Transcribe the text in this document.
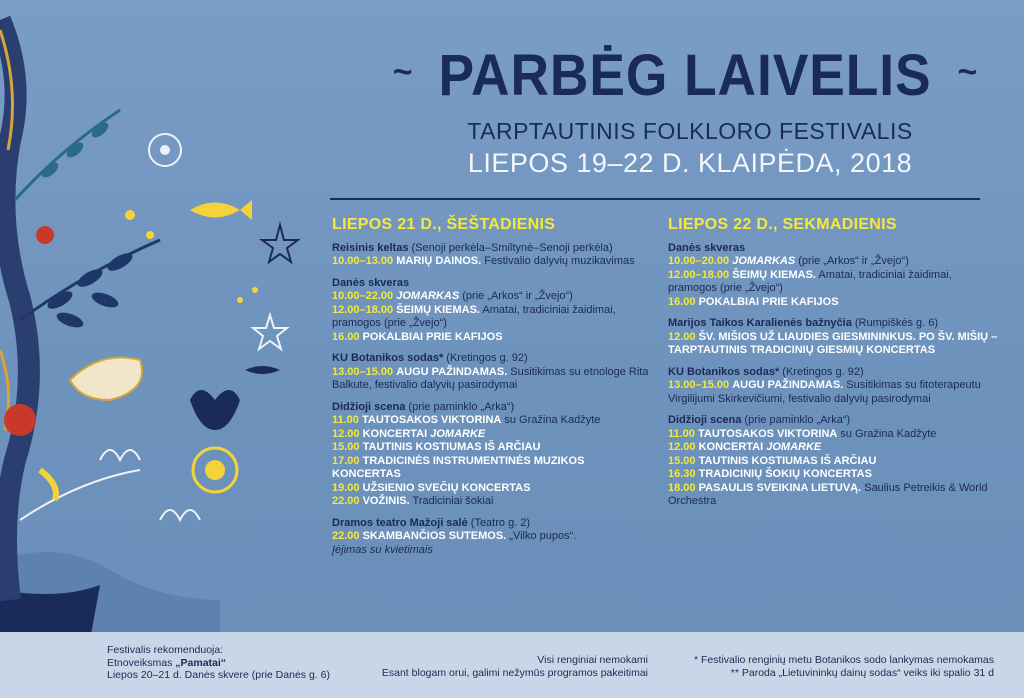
~ PARBĖG LAIVELIS ~
TARPTAUTINIS FOLKLORO FESTIVALIS
LIEPOS 19–22 D. KLAIPĖDA, 2018
LIEPOS 21 D., ŠEŠTADIENIS
Reisinis keltas (Senoji perkėla–Smiltynė–Senoji perkėla)
10.00–13.00 MARIŲ DAINOS. Festivalio dalyvių muzikavimas
Danės skveras
10.00–22.00 JOMARKAS (prie „Arkos“ ir „Žvejo“)
12.00–18.00 ŠEIMŲ KIEMAS. Amatai, tradiciniai žaidimai, pramogos (prie „Žvejo“)
16.00 POKALBIAI PRIE KAFIJOS
KU Botanikos sodas* (Kretingos g. 92)
13.00–15.00 AUGU PAŽINDAMAS. Susitikimas su etnologe Rita Balkute, festivalio dalyvių pasirodymai
Didžioji scena (prie paminklo „Arka“)
11.00 TAUTOSAKOS VIKTORINA su Gražina Kadžyte
12.00 KONCERTAI JOMARKE
15.00 TAUTINIS KOSTIUMAS IŠ ARČIAU
17.00 TRADICINĖS INSTRUMENTINĖS MUZIKOS KONCERTAS
19.00 UŽSIENIO SVEČIŲ KONCERTAS
22.00 VOŽINIS. Tradiciniai šokiai
Dramos teatro Mažoji salė (Teatro g. 2)
22.00 SKAMBANČIOS SUTEMOS. „Vilko pupos“.
Įėjimas su kvietimais
LIEPOS 22 D., SEKMADIENIS
Danės skveras
10.00–20.00 JOMARKAS (prie „Arkos“ ir „Žvejo“)
12.00–18.00 ŠEIMŲ KIEMAS. Amatai, tradiciniai žaidimai, pramogos (prie „Žvejo“)
16.00 POKALBIAI PRIE KAFIJOS
Marijos Taikos Karalienės bažnyčia (Rumpiškės g. 6)
12.00 ŠV. MIŠIOS UŽ LIAUDIES GIESMININKUS. PO ŠV. MIŠIŲ – TARPTAUTINIS TRADICINIŲ GIESMIŲ KONCERTAS
KU Botanikos sodas* (Kretingos g. 92)
13.00–15.00 AUGU PAŽINDAMAS. Susitikimas su fitoterapeutu Virgilijumi Skirkevičiumi, festivalio dalyvių pasirodymai
Didžioji scena (prie paminklo „Arka“)
11.00 TAUTOSAKOS VIKTORINA su Gražina Kadžyte
12.00 KONCERTAI JOMARKE
15.00 TAUTINIS KOSTIUMAS IŠ ARČIAU
16.30 TRADICINIŲ ŠOKIŲ KONCERTAS
18.00 PASAULIS SVEIKINA LIETUVĄ. Saulius Petreikis & World Orchestra
Festivalis rekomenduoja:
Etnoveiksmas „Pamatai“
Liepos 20–21 d. Danės skvere (prie Danės g. 6)
Visi renginiai nemokami
Esant blogam orui, galimi nežymūs programos pakeitimai
* Festivalio renginių metu Botanikos sodo lankymas nemokamas
** Paroda „Lietuvininkų dainų sodas“ veiks iki spalio 31 d
